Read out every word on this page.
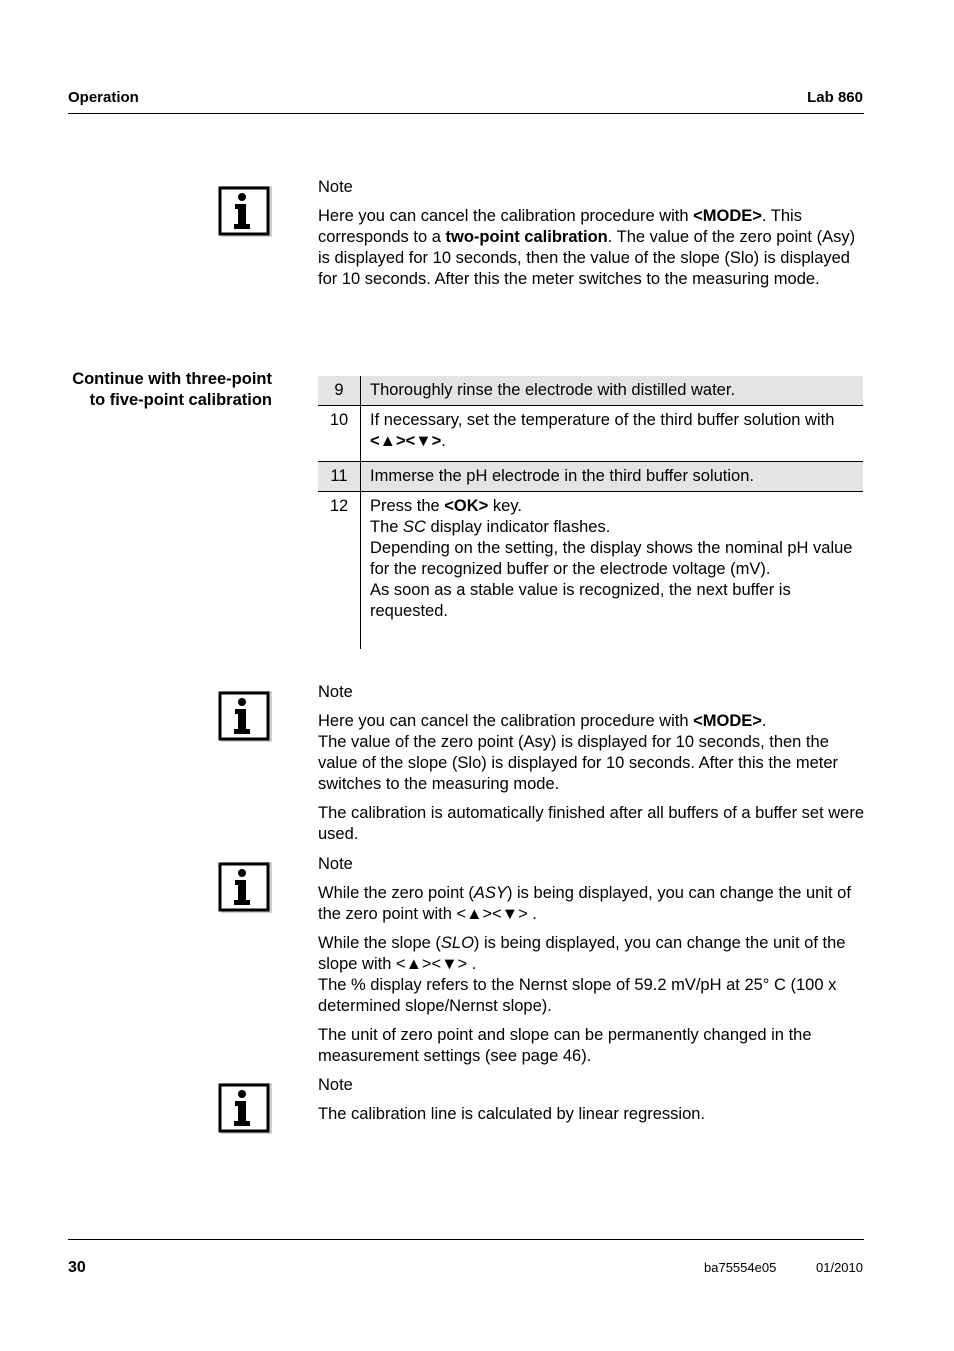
Operation	Lab 860

Note

Here you can cancel the calibration procedure with <MODE>. This corresponds to a two-point calibration. The value of the zero point (Asy) is displayed for 10 seconds, then the value of the slope (Slo) is displayed for 10 seconds. After this the meter switches to the measuring mode.

Continue with three-point to five-point calibration
9	Thoroughly rinse the electrode with distilled water.
10	If necessary, set the temperature of the third buffer solution with <▲><▼>.
11	Immerse the pH electrode in the third buffer solution.
12	Press the <OK> key.
The SC display indicator flashes.
Depending on the setting, the display shows the nominal pH value for the recognized buffer or the electrode voltage (mV).
As soon as a stable value is recognized, the next buffer is requested.

Note

Here you can cancel the calibration procedure with <MODE>.
The value of the zero point (Asy) is displayed for 10 seconds, then the value of the slope (Slo) is displayed for 10 seconds. After this the meter switches to the measuring mode.

The calibration is automatically finished after all buffers of a buffer set were used.

Note

While the zero point (ASY) is being displayed, you can change the unit of the zero point with <▲><▼> .

While the slope (SLO) is being displayed, you can change the unit of the slope with <▲><▼> .
The % display refers to the Nernst slope of 59.2 mV/pH at 25° C (100 x determined slope/Nernst slope).

The unit of zero point and slope can be permanently changed in the measurement settings (see page 46).

Note

The calibration line is calculated by linear regression.

30	ba75554e05	01/2010
